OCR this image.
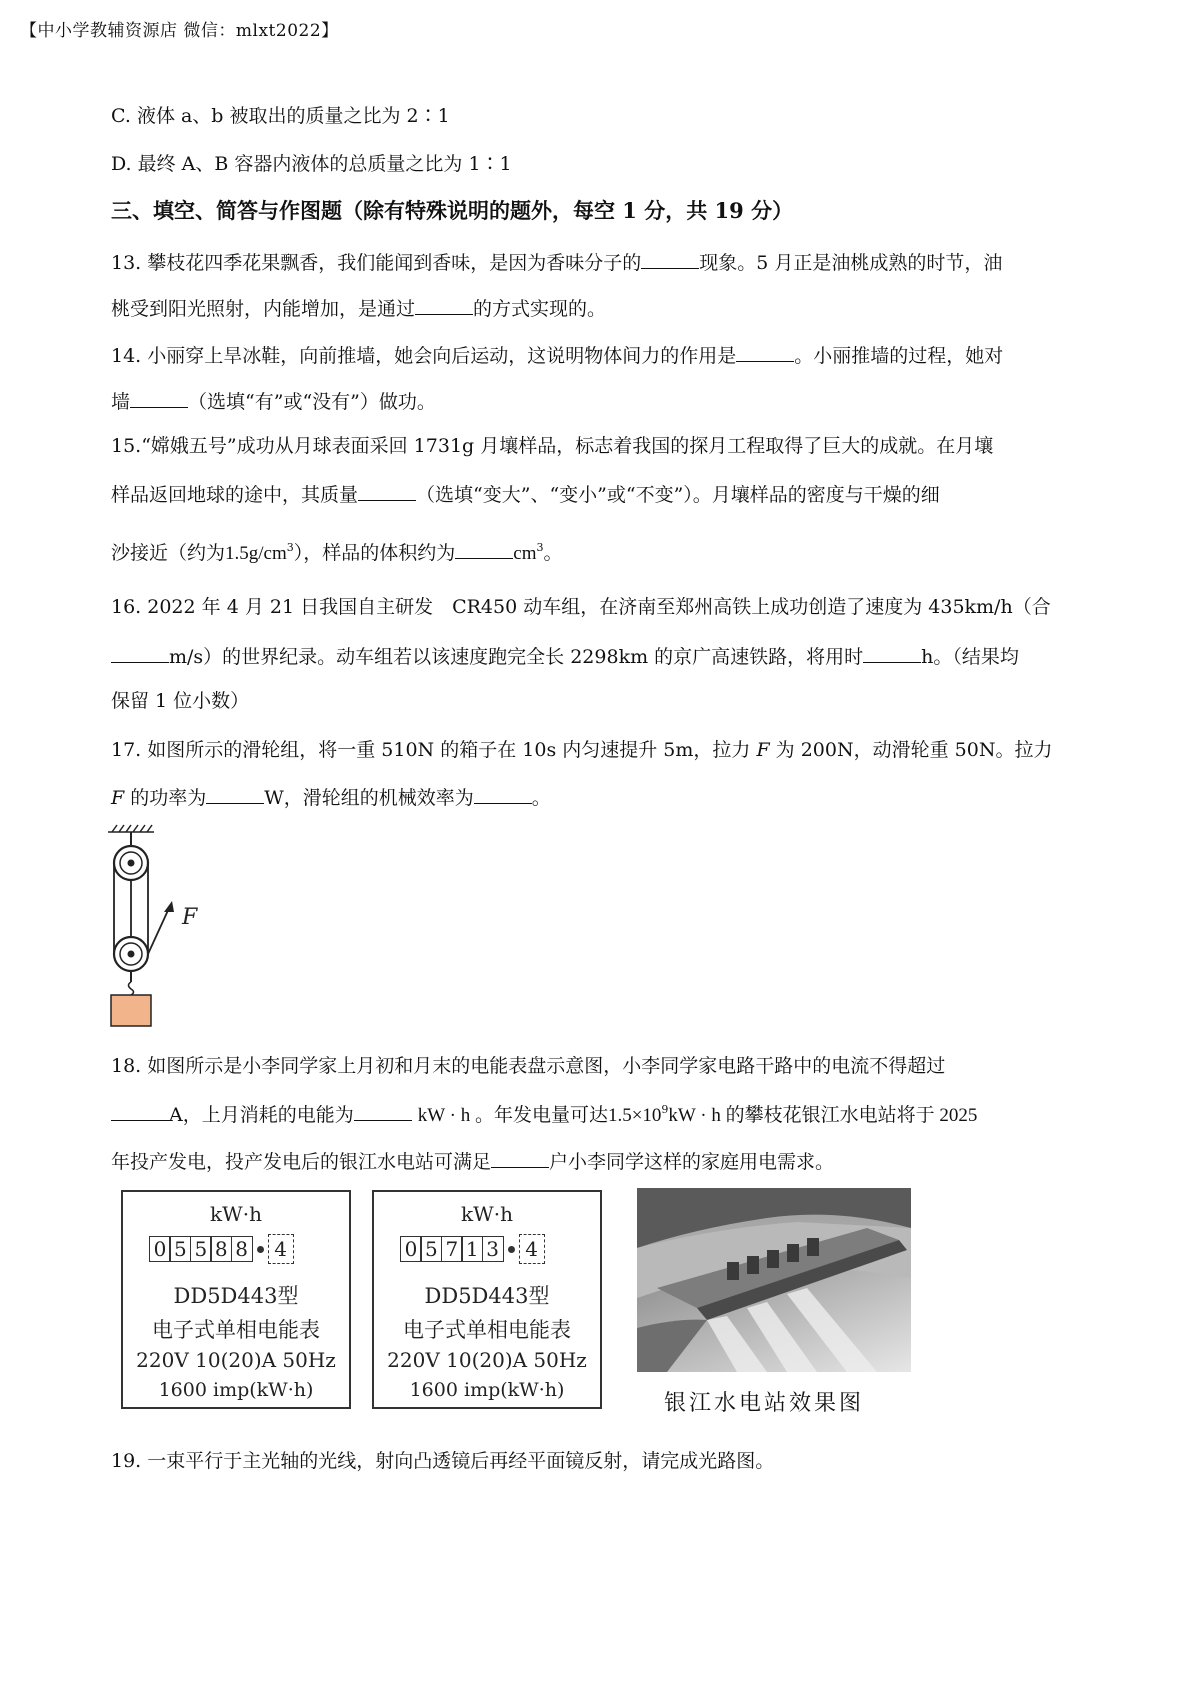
【中小学教辅资源店 微信：mlxt2022】
C. 液体 a、b 被取出的质量之比为 2∶1
D. 最终 A、B 容器内液体的总质量之比为 1∶1
三、填空、简答与作图题（除有特殊说明的题外，每空 1 分，共 19 分）
13. 攀枝花四季花果飘香，我们能闻到香味，是因为香味分子的	现象。5 月正是油桃成熟的时节，油
桃受到阳光照射，内能增加，是通过	的方式实现的。
14. 小丽穿上旱冰鞋，向前推墙，她会向后运动，这说明物体间力的作用是	。小丽推墙的过程，她对
墙	（选填“有”或“没有”）做功。
15.“嫦娥五号”成功从月球表面采回 1731g 月壤样品，标志着我国的探月工程取得了巨大的成就。在月壤
样品返回地球的途中，其质量	（选填“变大”、“变小”或“不变”）。月壤样品的密度与干燥的细
沙接近（约为$1.5g/cm^3$），样品的体积约为	$cm^3$。
16. 2022 年 4 月 21 日我国自主研发　CR450 动车组，在济南至郑州高铁上成功创造了速度为 435km/h（合
m/s）的世界纪录。动车组若以该速度跑完全长 2298km 的京广高速铁路，将用时	h。（结果均
保留 1 位小数）
17. 如图所示的滑轮组，将一重 510N 的箱子在 10s 内匀速提升 5m，拉力 F 为 200N，动滑轮重 50N。拉力
F 的功率为	W，滑轮组的机械效率为	。
F
18. 如图所示是小李同学家上月初和月末的电能表盘示意图，小李同学家电路干路中的电流不得超过
A，上月消耗的电能为	kW · h 。年发电量可达$1.5\times 10^9kW \cdot h$ 的攀枝花银江水电站将于 2025
年投产发电，投产发电后的银江水电站可满足	户小李同学这样的家庭用电需求。
kW·h
0 5 5 8 8	4
DD5D443型
电子式单相电能表
220V 10(20)A 50Hz
1600 imp(kW·h)
kW·h
0 5 7 1 3	4
DD5D443型
电子式单相电能表
220V 10(20)A 50Hz
1600 imp(kW·h)
银江水电站效果图
19. 一束平行于主光轴的光线，射向凸透镜后再经平面镜反射，请完成光路图。
